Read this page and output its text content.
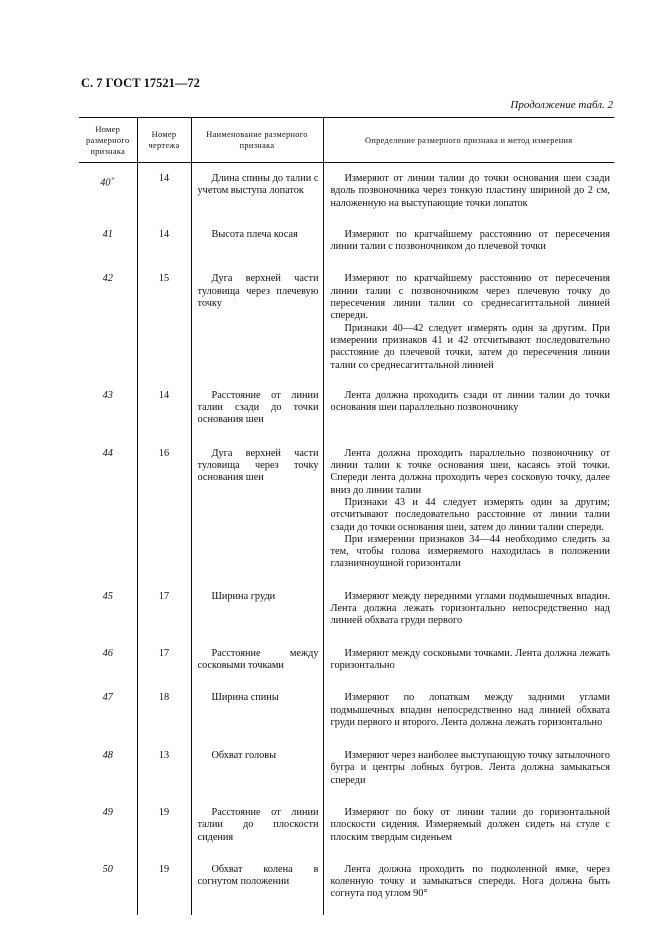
С. 7 ГОСТ 17521—72
Продолжение табл. 2
Номер размерного признака	Номер чертежа	Наименование размерного признака	Определение размерного признака и метод измерения
40×	14	Длина спины до талии с учетом выступа лопаток	Измеряют от линии талии до точки основания шеи сзади вдоль позвоночника через тонкую пластину шириной до 2 см, наложенную на выступающие точки лопаток

41	14	Высота плеча косая	Измеряют по кратчайшему расстоянию от пересечения линии талии с позвоночником до плечевой точки

42	15	Дуга верхней части туловища через плечевую точку	Измеряют по кратчайшему расстоянию от пересечения линии талии с позвоночником через плечевую точку до пересечения линии талии со среднесагиттальной линией спереди.

Признаки 40—42 следует измерять один за другим. При измерении признаков 41 и 42 отсчитывают последовательно расстояние до плечевой точки, затем до пересечения линии талии со среднесагиттальной линией

43	14	Расстояние от линии талии сзади до точки основания шеи	Лента должна проходить сзади от линии талии до точки основания шеи параллельно позвоночнику

44	16	Дуга верхней части туловища через точку основания шеи	Лента должна проходить параллельно позвоночнику от линии талии к точке основания шеи, касаясь этой точки. Спереди лента должна проходить через сосковую точку, далее вниз до линии талии

Признаки 43 и 44 следует измерять один за другим; отсчитывают последовательно расстояние от линии талии сзади до точки основания шеи, затем до линии талии спереди.

При измерении признаков 34—44 необходимо следить за тем, чтобы голова измеряемого находилась в положении глазничноушной горизонтали

45	17	Ширина груди	Измеряют между передними углами подмышечных впадин. Лента должна лежать горизонтально непосредственно над линией обхвата груди первого

46	17	Расстояние между сосковыми точками	Измеряют между сосковыми точками. Лента должна лежать горизонтально

47	18	Ширина спины	Измеряют по лопаткам между задними углами подмышечных впадин непосредственно над линией обхвата груди первого и второго. Лента должна лежать горизонтально

48	13	Обхват головы	Измеряют через наиболее выступающую точку затылочного бугра и центры лобных бугров. Лента должна замыкаться спереди

49	19	Расстояние от линии талии до плоскости сидения	Измеряют по боку от линии талии до горизонтальной плоскости сидения. Измеряемый должен сидеть на стуле с плоским твердым сиденьем

50	19	Обхват колена в согнутом положении	Лента должна проходить по подколенной ямке, через коленную точку и замыкаться спереди. Нога должна быть согнута под углом 90°
